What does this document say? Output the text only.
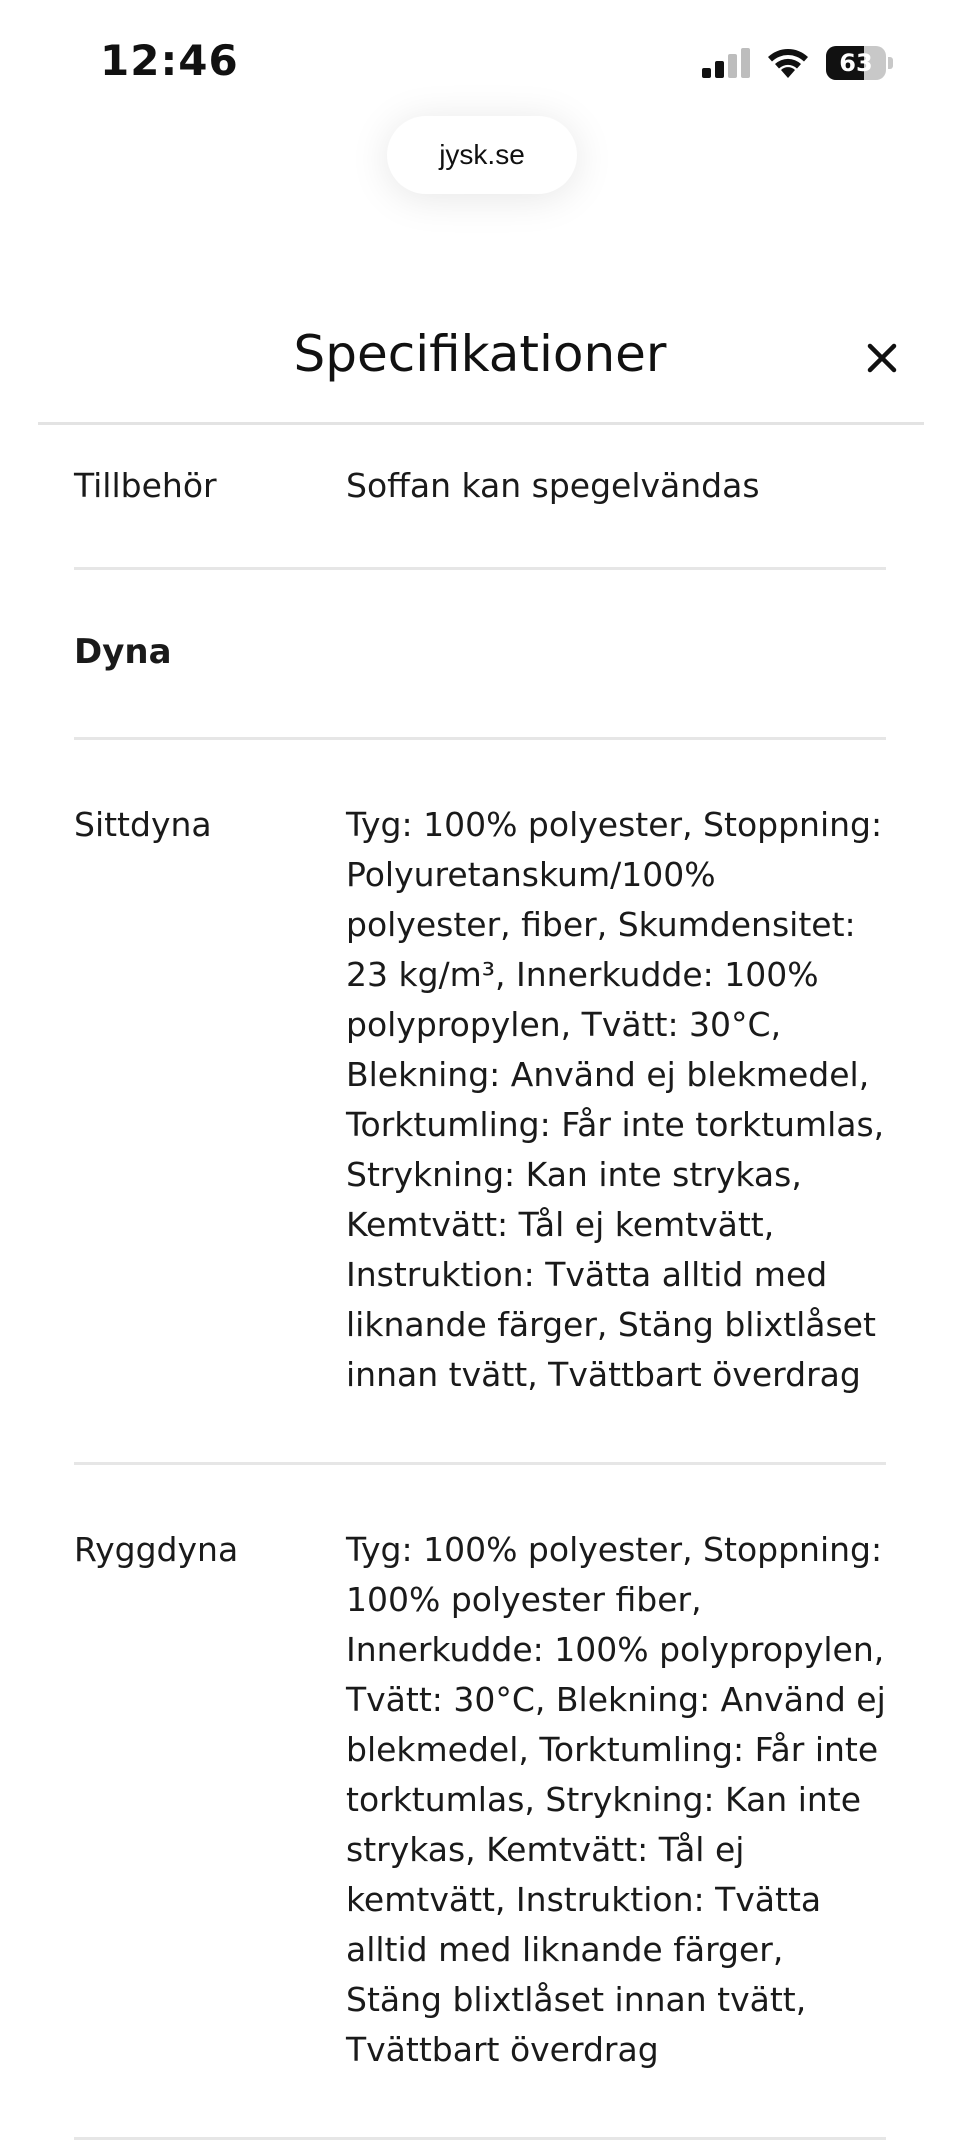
12:46	63
jysk.se
Specifikationer
Tillbehör	Soffan kan spegelvändas
Dyna
Sittdyna	Tyg: 100% polyester, Stoppning: Polyuretanskum/100% polyester, fiber, Skumdensitet: 23 kg/m³, Innerkudde: 100% polypropylen, Tvätt: 30°C, Blekning: Använd ej blekmedel, Torktumling: Får inte torktumlas, Strykning: Kan inte strykas, Kemtvätt: Tål ej kemtvätt, Instruktion: Tvätta alltid med liknande färger, Stäng blixtlåset innan tvätt, Tvättbart överdrag
Ryggdyna	Tyg: 100% polyester, Stoppning: 100% polyester fiber, Innerkudde: 100% polypropylen, Tvätt: 30°C, Blekning: Använd ej blekmedel, Torktumling: Får inte torktumlas, Strykning: Kan inte strykas, Kemtvätt: Tål ej kemtvätt, Instruktion: Tvätta alltid med liknande färger, Stäng blixtlåset innan tvätt, Tvättbart överdrag
